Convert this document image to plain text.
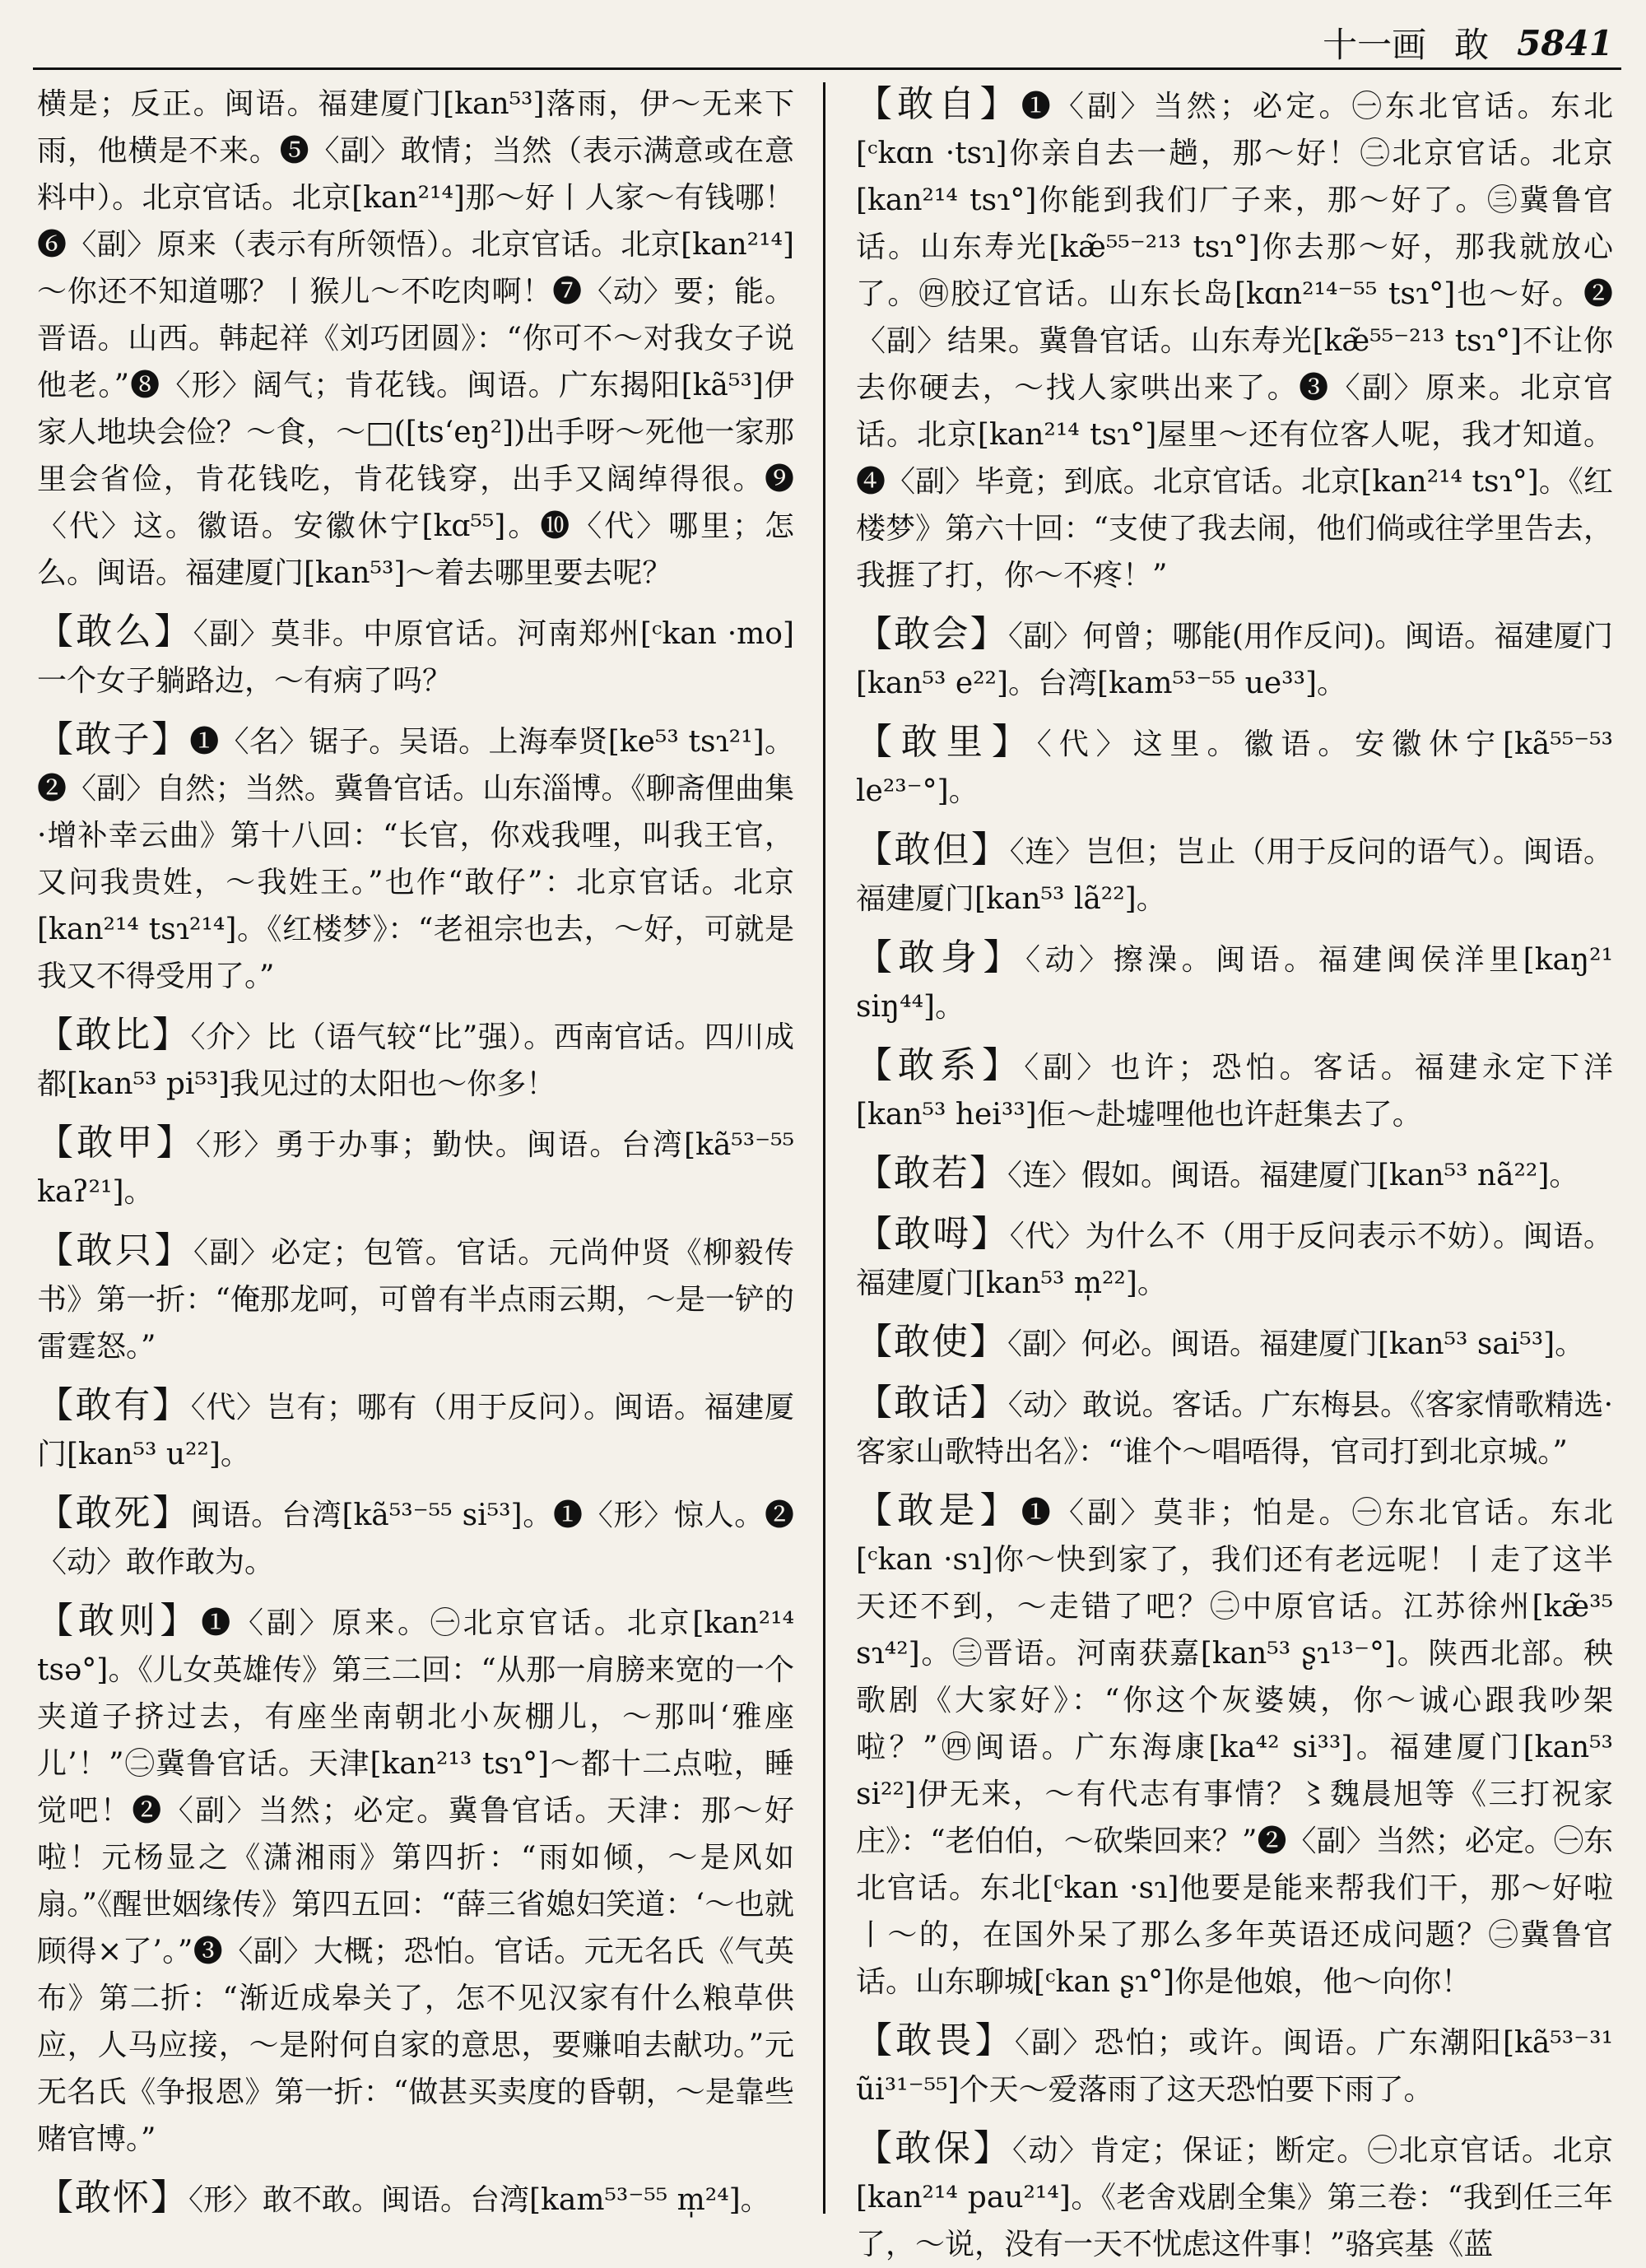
十一画 敢 5841

横是；反正。闽语。福建厦门[kan⁵³]落雨，伊～无来下雨，他横是不来。❺〈副〉敢情；当然（表示满意或在意料中）。北京官话。北京[kan²¹⁴]那～好丨人家～有钱哪！❻〈副〉原来（表示有所领悟）。北京官话。北京[kan²¹⁴]～你还不知道哪？丨猴儿～不吃肉啊！❼〈动〉要；能。晋语。山西。韩起祥《刘巧团圆》：“你可不～对我女子说他老。”❽〈形〉阔气；肯花钱。闽语。广东揭阳[kã⁵³]伊家人地块会俭？～食，～□([tsʻeŋ²])出手呀～死他一家那里会省俭，肯花钱吃，肯花钱穿，出手又阔绰得很。❾〈代〉这。徽语。安徽休宁[kɑ⁵⁵]。❿〈代〉哪里；怎么。闽语。福建厦门[kan⁵³]～着去哪里要去呢？

【敢么】〈副〉莫非。中原官话。河南郑州[ᶜkan ·mo]一个女子躺路边，～有病了吗？

【敢子】❶〈名〉锯子。吴语。上海奉贤[ke⁵³ tsɿ²¹]。❷〈副〉自然；当然。冀鲁官话。山东淄博。《聊斋俚曲集·增补幸云曲》第十八回：“长官，你戏我哩，叫我王官，又问我贵姓，～我姓王。”也作“敢仔”：北京官话。北京[kan²¹⁴ tsɿ²¹⁴]。《红楼梦》：“老祖宗也去，～好，可就是我又不得受用了。”

【敢比】〈介〉比（语气较“比”强）。西南官话。四川成都[kan⁵³ pi⁵³]我见过的太阳也～你多！

【敢甲】〈形〉勇于办事；勤快。闽语。台湾[kã⁵³⁻⁵⁵ kaʔ²¹]。

【敢只】〈副〉必定；包管。官话。元尚仲贤《柳毅传书》第一折：“俺那龙呵，可曾有半点雨云期，～是一铲的雷霆怒。”

【敢有】〈代〉岂有；哪有（用于反问）。闽语。福建厦门[kan⁵³ u²²]。

【敢死】闽语。台湾[kã⁵³⁻⁵⁵ si⁵³]。❶〈形〉惊人。❷〈动〉敢作敢为。

【敢则】❶〈副〉原来。㊀北京官话。北京[kan²¹⁴ tsə°]。《儿女英雄传》第三二回：“从那一肩膀来宽的一个夹道子挤过去，有座坐南朝北小灰棚儿，～那叫‘雅座儿’！”㊁冀鲁官话。天津[kan²¹³ tsɿ°]～都十二点啦，睡觉吧！❷〈副〉当然；必定。冀鲁官话。天津：那～好啦！元杨显之《潇湘雨》第四折：“雨如倾，～是风如扇。”《醒世姻缘传》第四五回：“薛三省媳妇笑道：‘～也就顾得×了’。”❸〈副〉大概；恐怕。官话。元无名氏《气英布》第二折：“渐近成皋关了，怎不见汉家有什么粮草供应，人马应接，～是附何自家的意思，要赚咱去献功。”元无名氏《争报恩》第一折：“做甚买卖度的昏朝，～是靠些赌官博。”

【敢怀】〈形〉敢不敢。闽语。台湾[kam⁵³⁻⁵⁵ m̩²⁴]。

【敢自】❶〈副〉当然；必定。㊀东北官话。东北[ᶜkɑn ·tsɿ]你亲自去一趟，那～好！㊁北京官话。北京[kan²¹⁴ tsɿ°]你能到我们厂子来，那～好了。㊂冀鲁官话。山东寿光[kæ̃⁵⁵⁻²¹³ tsɿ°]你去那～好，那我就放心了。㊃胶辽官话。山东长岛[kɑn²¹⁴⁻⁵⁵ tsɿ°]也～好。❷〈副〉结果。冀鲁官话。山东寿光[kæ̃⁵⁵⁻²¹³ tsɿ°]不让你去你硬去，～找人家哄出来了。❸〈副〉原来。北京官话。北京[kan²¹⁴ tsɿ°]屋里～还有位客人呢，我才知道。❹〈副〉毕竟；到底。北京官话。北京[kan²¹⁴ tsɿ°]。《红楼梦》第六十回：“支使了我去闹，他们倘或往学里告去，我捱了打，你～不疼！”

【敢会】〈副〉何曾；哪能(用作反问)。闽语。福建厦门[kan⁵³ e²²]。台湾[kam⁵³⁻⁵⁵ ue³³]。

【敢里】〈代〉这里。徽语。安徽休宁[kã⁵⁵⁻⁵³ le²³⁻°]。

【敢但】〈连〉岂但；岂止（用于反问的语气）。闽语。福建厦门[kan⁵³ lã²²]。

【敢身】〈动〉擦澡。闽语。福建闽侯洋里[kaŋ²¹ siŋ⁴⁴]。

【敢系】〈副〉也许；恐怕。客话。福建永定下洋[kan⁵³ hei³³]佢～赴墟哩他也许赶集去了。

【敢若】〈连〉假如。闽语。福建厦门[kan⁵³ nã²²]。

【敢呣】〈代〉为什么不（用于反问表示不妨）。闽语。福建厦门[kan⁵³ m̩²²]。

【敢使】〈副〉何必。闽语。福建厦门[kan⁵³ sai⁵³]。

【敢话】〈动〉敢说。客话。广东梅县。《客家情歌精选·客家山歌特出名》：“谁个～唱唔得，官司打到北京城。”

【敢是】❶〈副〉莫非；怕是。㊀东北官话。东北[ᶜkan ·sɿ]你～快到家了，我们还有老远呢！丨走了这半天还不到，～走错了吧？㊁中原官话。江苏徐州[kæ̃³⁵ sɿ⁴²]。㊂晋语。河南获嘉[kan⁵³ ʂɿ¹³⁻°]。陕西北部。秧歌剧《大家好》：“你这个灰婆姨，你～诚心跟我吵架啦？”㊃闽语。广东海康[ka⁴² si³³]。福建厦门[kan⁵³ si²²]伊无来，～有代志有事情？〻魏晨旭等《三打祝家庄》：“老伯伯，～砍柴回来？”❷〈副〉当然；必定。㊀东北官话。东北[ᶜkan ·sɿ]他要是能来帮我们干，那～好啦丨～的，在国外呆了那么多年英语还成问题？㊁冀鲁官话。山东聊城[ᶜkan ʂɿ°]你是他娘，他～向你！

【敢畏】〈副〉恐怕；或许。闽语。广东潮阳[kã⁵³⁻³¹ ũi³¹⁻⁵⁵]个天～爱落雨了这天恐怕要下雨了。

【敢保】〈动〉肯定；保证；断定。㊀北京官话。北京[kan²¹⁴ pau²¹⁴]。《老舍戏剧全集》第三卷：“我到任三年了，～说，没有一天不忧虑这件事！”骆宾基《蓝
